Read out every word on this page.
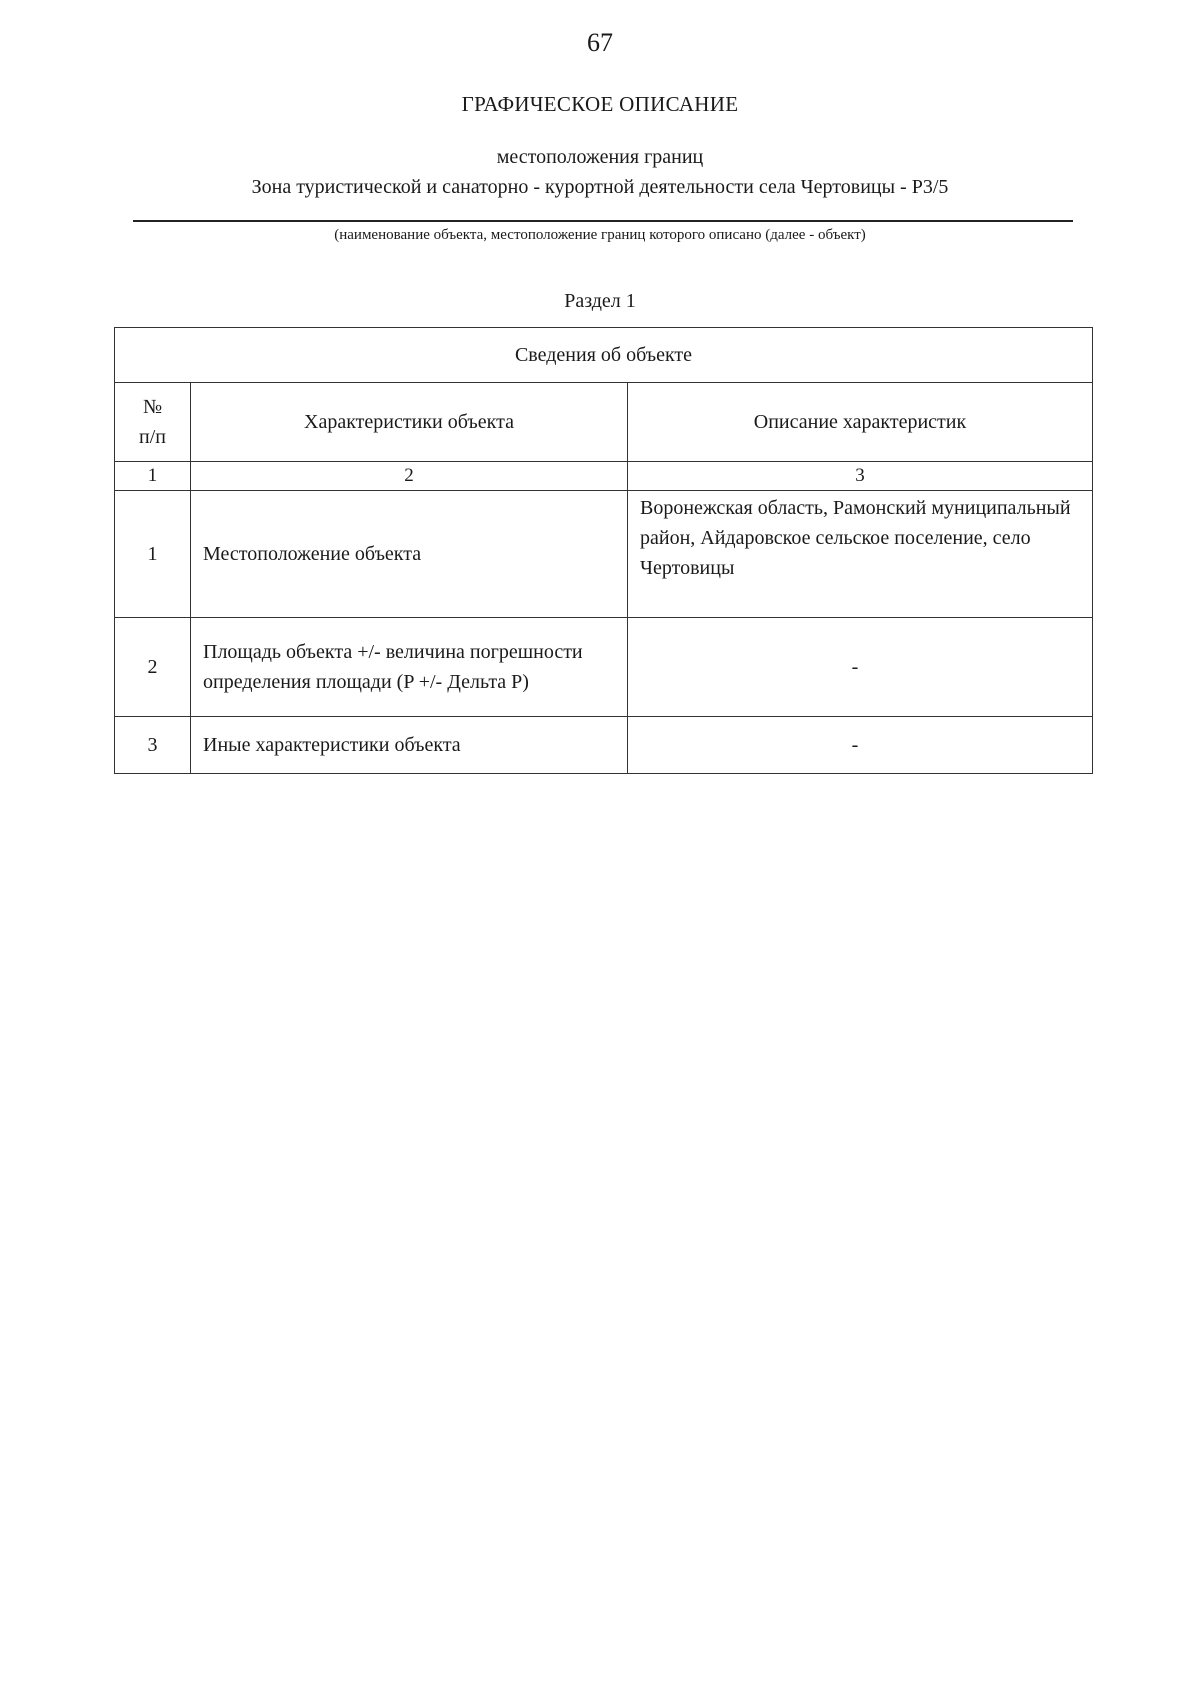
67
ГРАФИЧЕСКОЕ ОПИСАНИЕ
местоположения границ
Зона туристической и санаторно - курортной деятельности села Чертовицы - Р3/5
(наименование объекта, местоположение границ которого описано (далее - объект)
Раздел 1
Сведения об объекте		

№
п/п	Характеристики объекта	Описание характеристик
1	2	3
1	Местоположение объекта	Воронежская область, Рамонский муниципальный район, Айдаровское сельское поселение, село Чертовицы
2	Площадь объекта +/- величина погрешности определения площади (P +/- Дельта P)	-
3	Иные характеристики объекта	-
